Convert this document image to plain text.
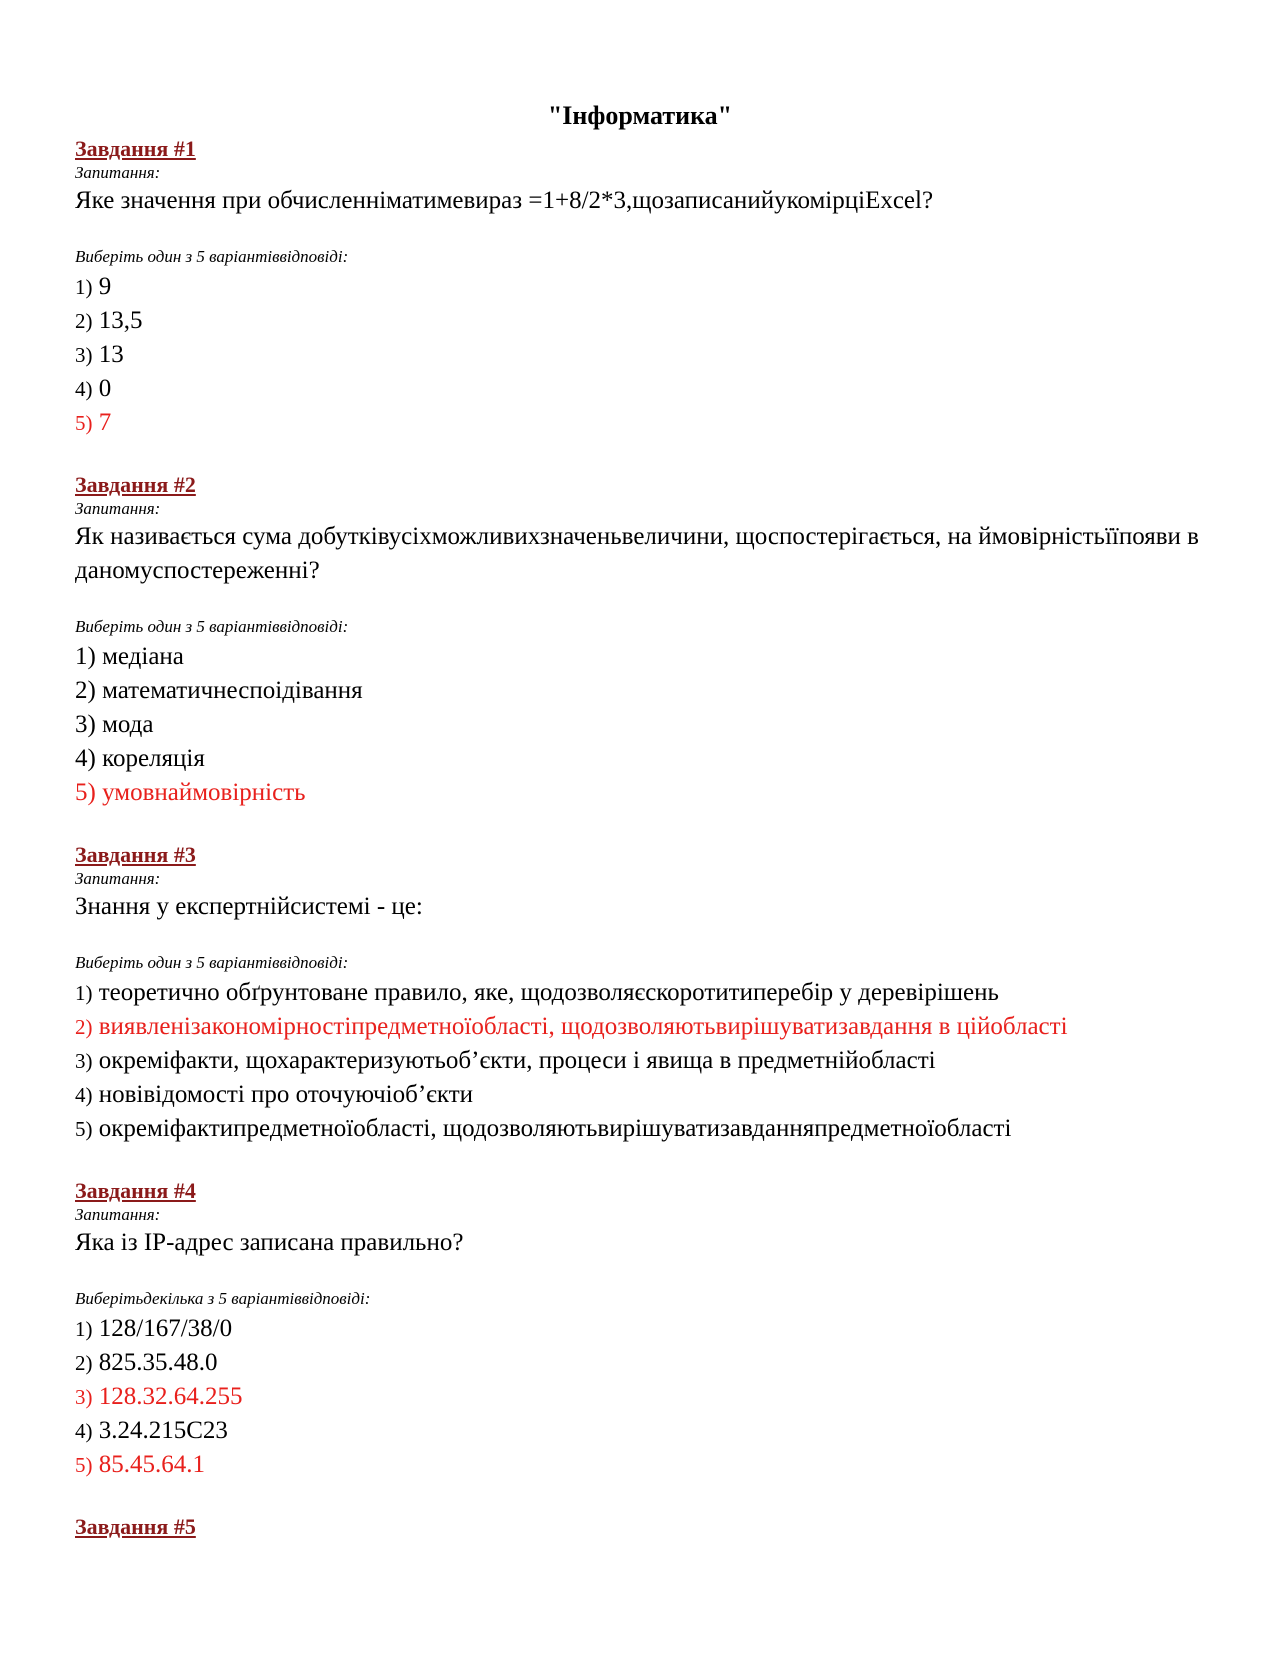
"Інформатика"
Завдання #1
Запитання:
Яке значення при обчисленніматимевираз =1+8/2*3,щозаписанийукомірціExcel?
Виберіть один з 5 варіантіввідповіді:
1) 9
2) 13,5
3) 13
4) 0
5) 7
Завдання #2
Запитання:
Як називається сума добутківусіхможливихзначеньвеличини, щоспостерігається, на ймовірністьїїпояви в даномуспостереженні?
Виберіть один з 5 варіантіввідповіді:
1) медіана
2) математичнеспоідівання
3) мода
4) кореляція
5) умовнаймовірність
Завдання #3
Запитання:
Знання у експертнійсистемі - це:
Виберіть один з 5 варіантіввідповіді:
1) теоретично обґрунтоване правило, яке, щодозволяєскоротитиперебір у деревірішень
2) виявленізакономірностіпредметноїобласті, щодозволяютьвирішуватизавдання в ційобласті
3) окреміфакти, щохарактеризуютьоб’єкти, процеси і явища в предметнійобласті
4) новівідомості про оточуючіоб’єкти
5) окреміфактипредметноїобласті, щодозволяютьвирішуватизавданняпредметноїобласті
Завдання #4
Запитання:
Яка із IP-адрес записана правильно?
Виберітьдекілька з 5 варіантіввідповіді:
1) 128/167/38/0
2) 825.35.48.0
3) 128.32.64.255
4) 3.24.215C23
5) 85.45.64.1
Завдання #5
